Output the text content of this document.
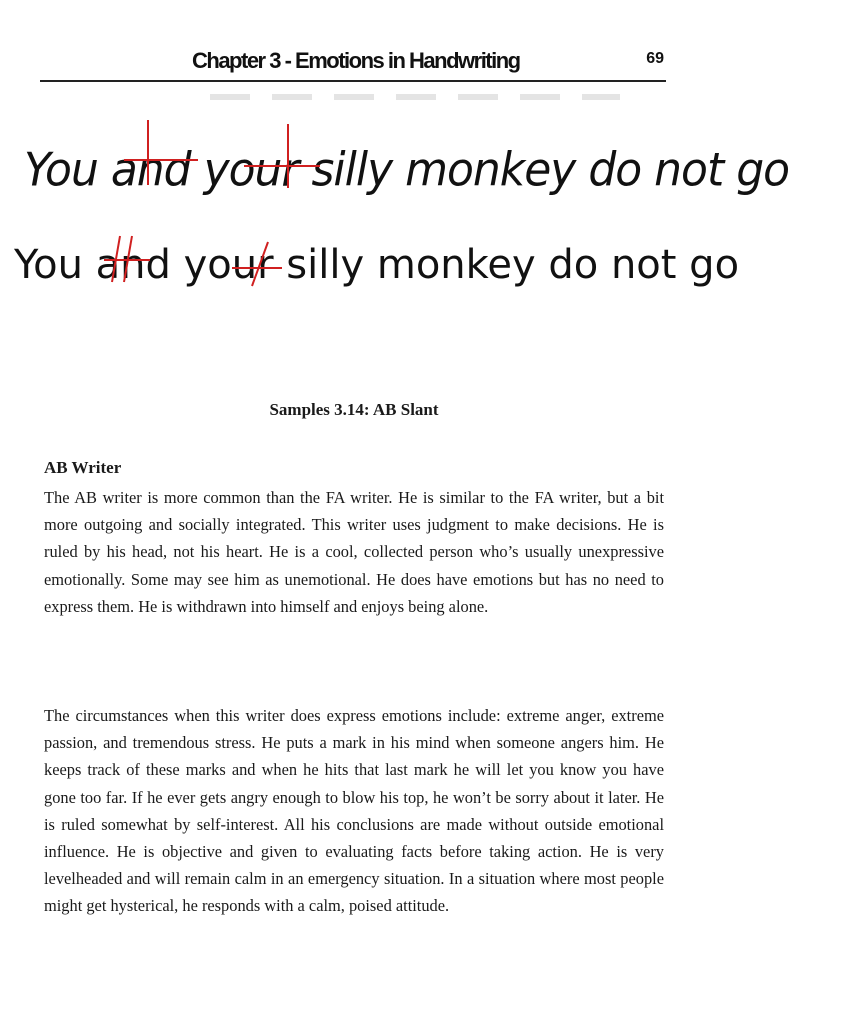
Chapter 3 - Emotions in Handwriting	69
You and your silly monkey do not go
You and your silly monkey do not go
Samples 3.14: AB Slant
AB Writer

The AB writer is more common than the FA writer. He is similar to the FA writer, but a bit more outgoing and socially integrated. This writer uses judgment to make decisions. He is ruled by his head, not his heart. He is a cool, collected person who’s usually unexpressive emotionally. Some may see him as unemotional. He does have emotions but has no need to express them. He is withdrawn into himself and enjoys being alone.

The circumstances when this writer does express emotions include: extreme anger, extreme passion, and tremendous stress. He puts a mark in his mind when someone angers him. He keeps track of these marks and when he hits that last mark he will let you know you have gone too far. If he ever gets angry enough to blow his top, he won’t be sorry about it later. He is ruled somewhat by self-interest. All his conclusions are made without outside emotional influence. He is objective and given to evaluating facts before taking action. He is very levelheaded and will remain calm in an emergency situation. In a situation where most people might get hysterical, he responds with a calm, poised attitude.
